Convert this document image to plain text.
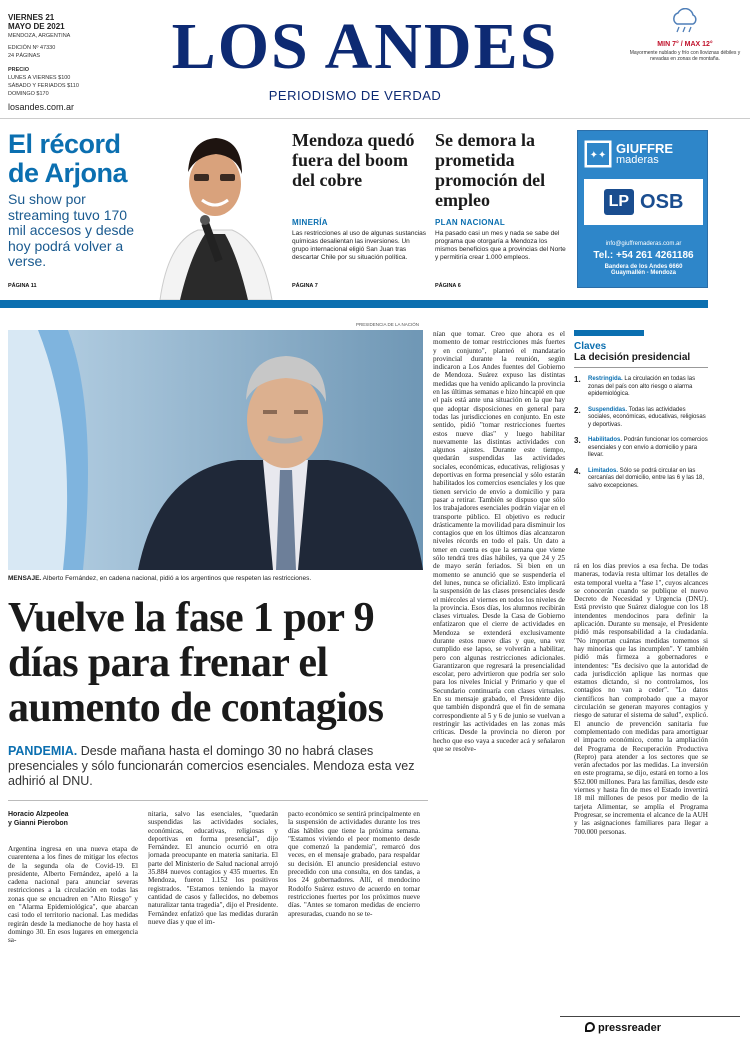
VIERNES 21
MAYO DE 2021
MENDOZA, ARGENTINA

EDICIÓN Nº 47330
24 PÁGINAS

PRECIO
LUNES A VIERNES $100
SÁBADO Y FERIADOS $110
DOMINGO $170
losandes.com.ar
LOS ANDES
PERIODISMO DE VERDAD
MIN 7° / MAX 12°
Mayormente nublado y frío con lloviznas débiles y nevadas en zonas de montaña.
El récord de Arjona
Su show por streaming tuvo 170 mil accesos y desde hoy podrá volver a verse.
PÁGINA 11
Mendoza quedó fuera del boom del cobre
MINERÍA
Las restricciones al uso de algunas sustancias químicas desalientan las inversiones. Un grupo internacional eligió San Juan tras descartar Chile por su situación política.
PÁGINA 7
Se demora la prometida promoción del empleo
PLAN NACIONAL
Ha pasado casi un mes y nada se sabe del programa que otorgaría a Mendoza los mismos beneficios que a provincias del Norte y permitiría crear 1.000 empleos.
PÁGINA 6
✦✦ GIUFFRE
maderas
LP OSB
info@giuffremaderas.com.ar
Tel.: +54 261 4261186
Bandera de los Andes 6660
Guaymallén - Mendoza
PRESIDENCIA DE LA NACIÓN
MENSAJE. Alberto Fernández, en cadena nacional, pidió a los argentinos que respeten las restricciones.
Vuelve la fase 1 por 9 días para frenar el aumento de contagios
PANDEMIA. Desde mañana hasta el domingo 30 no habrá clases presenciales y sólo funcionarán comercios esenciales. Mendoza esta vez adhirió al DNU.
Horacio Alzpeolea
y Gianni Pierobon
Argentina ingresa en una nueva etapa de cuarentena a los fines de mitigar los efectos de la segunda ola de Covid-19. El presidente, Alberto Fernández, apeló a la cadena nacional para anunciar severas restricciones a la circulación en todas las zonas que se encuadren en "Alto Riesgo" y en "Alarma Epidemiológica", que abarcan casi todo el territorio nacional. Las medidas regirán desde la medianoche de hoy hasta el domingo 30. En esos lugares en emergencia sa-
nitaria, salvo las esenciales, "quedarán suspendidas las actividades sociales, económicas, educativas, religiosas y deportivas en forma presencial", dijo Fernández. El anuncio ocurrió en otra jornada preocupante en materia sanitaria. El parte del Ministerio de Salud nacional arrojó 35.884 nuevos contagios y 435 muertes. En Mendoza, fueron 1.152 los positivos registrados. "Estamos teniendo la mayor cantidad de casos y fallecidos, no debemos naturalizar tanta tragedia", dijo el Presidente. Fernández enfatizó que las medidas durarán nueve días y que el im-
pacto económico se sentirá principalmente en la suspensión de actividades durante los tres días hábiles que tiene la próxima semana. "Estamos viviendo el peor momento desde que comenzó la pandemia", remarcó dos veces, en el mensaje grabado, para respaldar su decisión. El anuncio presidencial estuvo precedido con una consulta, en dos tandas, a los 24 gobernadores. Allí, el mendocino Rodolfo Suárez estuvo de acuerdo en tomar restricciones fuertes por los próximos nueve días. "Antes se tomaron medidas de encierro apresuradas, cuando no se te-
nían que tomar. Creo que ahora es el momento de tomar restricciones más fuertes y en conjunto", planteó el mandatario provincial durante la reunión, según indicaron a Los Andes fuentes del Gobierno de Mendoza. Suárez expuso las distintas medidas que ha venido aplicando la provincia en las últimas semanas e hizo hincapié en que el país está ante una situación en la que hay que adoptar disposiciones en general para todas las jurisdicciones en conjunto. En este sentido, pidió "tomar restricciones fuertes estos nueve días" y luego habilitar nuevamente las distintas actividades con algunos ajustes. Durante este tiempo, quedarán suspendidas las actividades sociales, económicas, educativas, religiosas y deportivas en forma presencial y sólo estarán habilitados los comercios esenciales y los que tienen servicio de envío a domicilio y para pasar a retirar. También se dispuso que sólo los trabajadores esenciales podrán viajar en el transporte público. El objetivo es reducir drásticamente la movilidad para disminuir los contagios que en los últimos días alcanzaron niveles récords en todo el país. Un dato a tener en cuenta es que la semana que viene sólo tendrá tres días hábiles, ya que 24 y 25 de mayo serán feriados. Si bien en un momento se anunció que se suspendería el del lunes, nunca se oficializó. Esto implicará la suspensión de las clases presenciales desde el miércoles al viernes en todos los niveles de la provincia. Esos días, los alumnos recibirán clases virtuales. Desde la Casa de Gobierno enfatizaron que el cierre de actividades en Mendoza se extenderá exclusivamente durante estos nueve días y que, una vez cumplido ese lapso, se volverán a habilitar, pero con algunas restricciones adicionales. Garantizaron que regresará la presencialidad escolar, pero advirtieron que podría ser solo para los niveles Inicial y Primario y que el Secundario continuaría con clases virtuales. En su mensaje grabado, el Presidente dijo que también dispondrá que el fin de semana correspondiente al 5 y 6 de junio se vuelvan a restringir las actividades en las zonas más críticas. Desde la provincia no dieron por hecho que eso vaya a suceder acá y señalaron que se resolve-
rá en los días previos a esa fecha. De todas maneras, todavía resta ultimar los detalles de esta temporal vuelta a "fase 1", cuyos alcances se conocerán cuando se publique el nuevo Decreto de Necesidad y Urgencia (DNU). Está previsto que Suárez dialogue con los 18 intendentes mendocinos para definir la aplicación. Durante su mensaje, el Presidente pidió más responsabilidad a la ciudadanía. "No importan cuántas medidas tomemos si hay minorías que las incumplen". Y también pidió más firmeza a gobernadores e intendentes: "Es decisivo que la autoridad de cada jurisdicción aplique las normas que estamos dictando, si no controlamos, los contagios no van a ceder". "Lo datos científicos han comprobado que a mayor circulación se generan mayores contagios y riesgo de saturar el sistema de salud", explicó. El anuncio de prevención sanitaria fue complementado con medidas para amortiguar el impacto económico, como la ampliación del Programa de Recuperación Productiva (Repro) para atender a los sectores que se verán afectados por las medidas. La inversión en este programa, se dijo, estará en torno a los $52.000 millones. Para las familias, desde este viernes y hasta fin de mes el Estado invertirá 18 mil millones de pesos por medio de la tarjeta Alimentar, se amplía el Programa Progresar, se incrementa el alcance de la AUH y las asignaciones familiares para llegar a 700.000 personas.
Claves
La decisión presidencial
1.	Restringida. La circulación en todas las zonas del país con alto riesgo o alarma epidemiológica.
2.	Suspendidas. Todas las actividades sociales, económicas, educativas, religiosas y deportivas.
3.	Habilitados. Podrán funcionar los comercios esenciales y con envío a domicilio y para llevar.
4.	Limitados. Sólo se podrá circular en las cercanías del domicilio, entre las 6 y las 18, salvo excepciones.
pressreader
